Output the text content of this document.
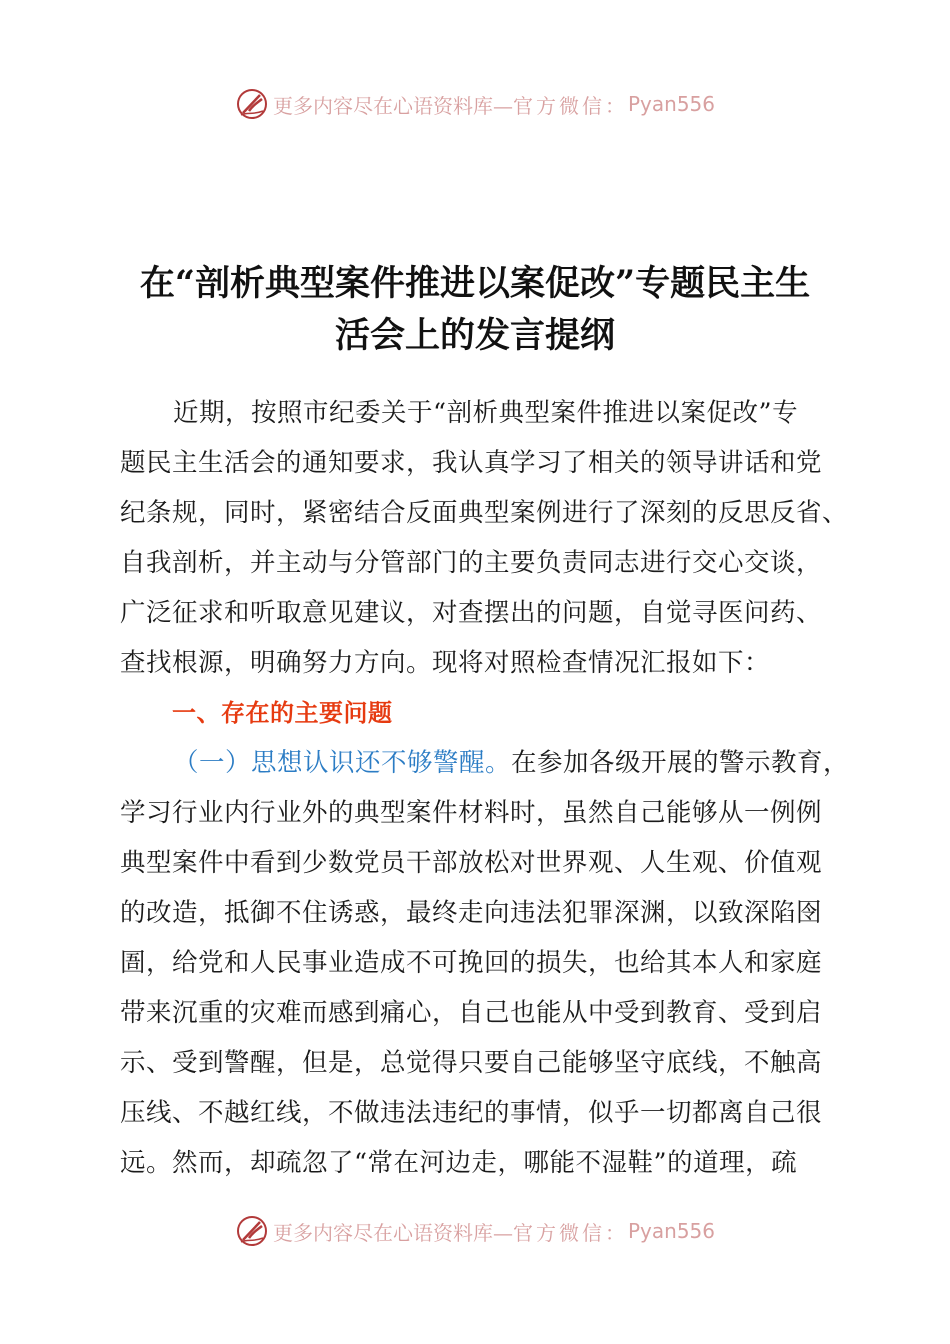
更多内容尽在心语资料库— 官方微信： Pyan556
在“剖析典型案件推进以案促改”专题民主生
活会上的发言提纲
近期，按照市纪委关于“剖析典型案件推进以案促改”专
题民主生活会的通知要求，我认真学习了相关的领导讲话和党
纪条规，同时，紧密结合反面典型案例进行了深刻的反思反省、
自我剖析，并主动与分管部门的主要负责同志进行交心交谈，
广泛征求和听取意见建议，对查摆出的问题，自觉寻医问药、
查找根源，明确努力方向。现将对照检查情况汇报如下：
一、存在的主要问题
（一）思想认识还不够警醒。在参加各级开展的警示教育，
学习行业内行业外的典型案件材料时，虽然自己能够从一例例
典型案件中看到少数党员干部放松对世界观、人生观、价值观
的改造，抵御不住诱惑，最终走向违法犯罪深渊，以致深陷囹
圄，给党和人民事业造成不可挽回的损失，也给其本人和家庭
带来沉重的灾难而感到痛心，自己也能从中受到教育、受到启
示、受到警醒，但是，总觉得只要自己能够坚守底线，不触高
压线、不越红线，不做违法违纪的事情，似乎一切都离自己很
远。然而，却疏忽了“常在河边走，哪能不湿鞋”的道理，疏
更多内容尽在心语资料库— 官方微信： Pyan556
